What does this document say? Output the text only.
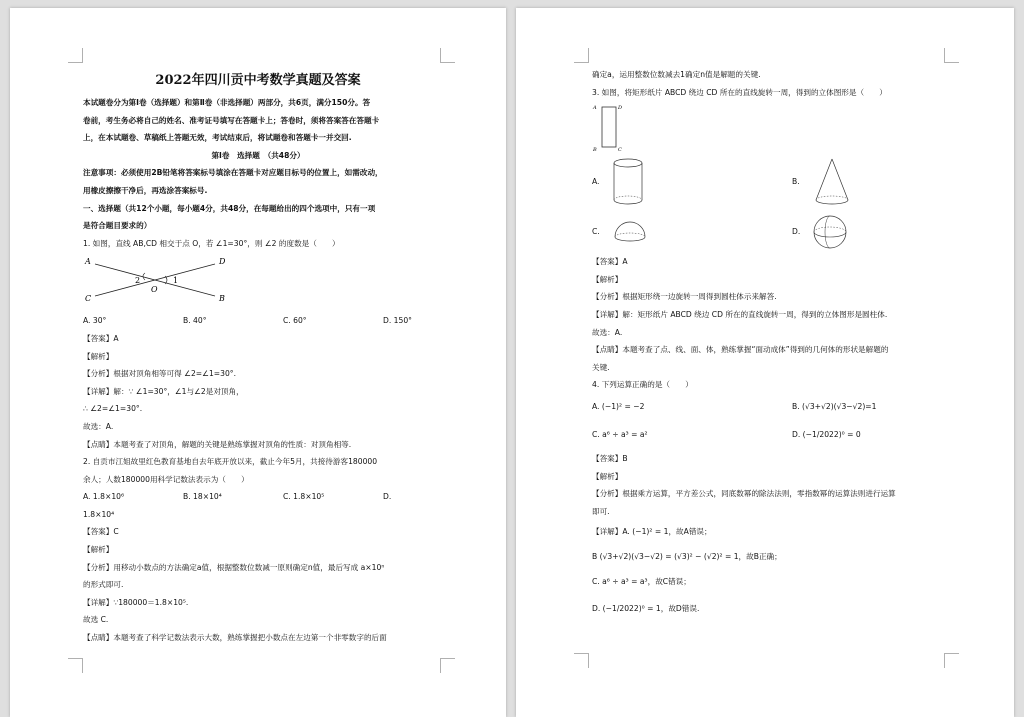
2022年四川贡中考数学真题及答案
本试题卷分为第Ⅰ卷（选择题）和第Ⅱ卷（非选择题）两部分，共6页，满分150分。答
卷前，考生务必将自己的姓名、准考证号填写在答题卡上；答卷时，须将答案答在答题卡
上，在本试题卷、草稿纸上答题无效，考试结束后，将试题卷和答题卡一并交回.
第Ⅰ卷　选择题　（共48分）
注意事项：必须使用2B铅笔将答案标号填涂在答题卡对应题目标号的位置上，如需改动，
用橡皮擦擦干净后，再选涂答案标号.
一、选择题（共12个小题，每小题4分，共48分，在每题给出的四个选项中，只有一项
是符合题目要求的）
1. 如图，直线 AB,CD 相交于点 O，若 ∠1=30°，则 ∠2 的度数是（　　）
A
B
C
D
O
2	1
A. 30°	B. 40°	C. 60°	D. 150°
【答案】A
【解析】
【分析】根据对顶角相等可得 ∠2=∠1=30°.
【详解】解：∵ ∠1=30°，∠1与∠2是对顶角，
∴ ∠2=∠1=30°.
故选：A.
【点睛】本题考查了对顶角，解题的关键是熟练掌握对顶角的性质：对顶角相等.
2. 自贡市江姐故里红色教育基地自去年底开放以来，截止今年5月，共接待游客180000
余人；人数180000用科学记数法表示为（　　）
A. 1.8×10⁶	B. 18×10⁴	C. 1.8×10⁵	D.
1.8×10⁴
【答案】C
【解析】
【分析】用移动小数点的方法确定a值，根据整数位数减一原则确定n值，最后写成 a×10ⁿ
的形式即可.
【详解】∵180000＝1.8×10⁵.
故选 C.
【点睛】本题考查了科学记数法表示大数，熟练掌握把小数点在左边第一个非零数字的后面
确定a，运用整数位数减去1确定n值是解题的关键.
3. 如图，将矩形纸片 ABCD 绕边 CD 所在的直线旋转一周，得到的立体图形是（　　）
A	D
B	C
A.	B.
C.	D.
【答案】A
【解析】
【分析】根据矩形绕一边旋转一周得到圆柱体示来解答.
【详解】解：矩形纸片 ABCD 绕边 CD 所在的直线旋转一周，得到的立体图形是圆柱体.
故选：A.
【点睛】本题考查了点、线、面、体，熟练掌握“面动成体”得到的几何体的形状是解题的
关键.
4. 下列运算正确的是（　　）
A. (−1)² = −2	B. (√3+√2)(√3−√2)=1
C. a⁶ ÷ a³ = a²	D. (−1/2022)⁰ = 0
【答案】B
【解析】
【分析】根据乘方运算，平方差公式，同底数幂的除法法则，零指数幂的运算法则进行运算
即可.
【详解】A. (−1)² = 1，故A错误；
B (√3+√2)(√3−√2) = (√3)² − (√2)² = 1，故B正确；
C. a⁶ ÷ a³ = a³，故C错误；
D. (−1/2022)⁰ = 1，故D错误.
